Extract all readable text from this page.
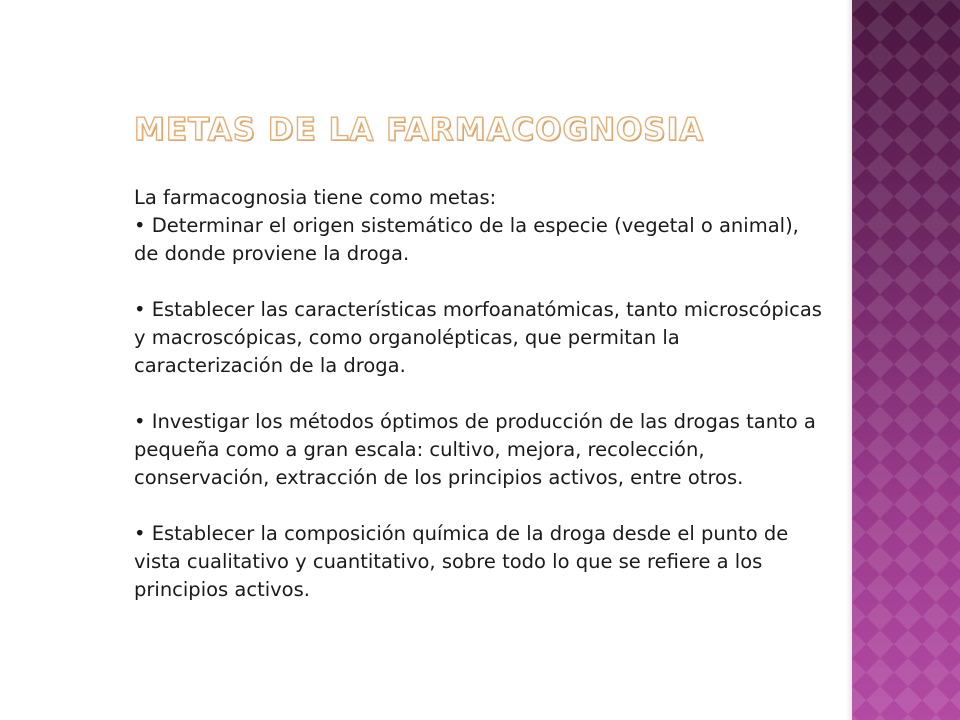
METAS DE LA FARMACOGNOSIA

La farmacognosia tiene como metas:

• Determinar el origen sistemático de la especie (vegetal o animal), de donde proviene la droga.

• Establecer las características morfoanatómicas, tanto microscópicas y macroscópicas, como organolépticas, que permitan la caracterización de la droga.

• Investigar los métodos óptimos de producción de las drogas tanto a pequeña como a gran escala: cultivo, mejora, recolección, conservación, extracción de los principios activos, entre otros.

• Establecer la composición química de la droga desde el punto de vista cualitativo y cuantitativo, sobre todo lo que se refiere a los principios activos.
